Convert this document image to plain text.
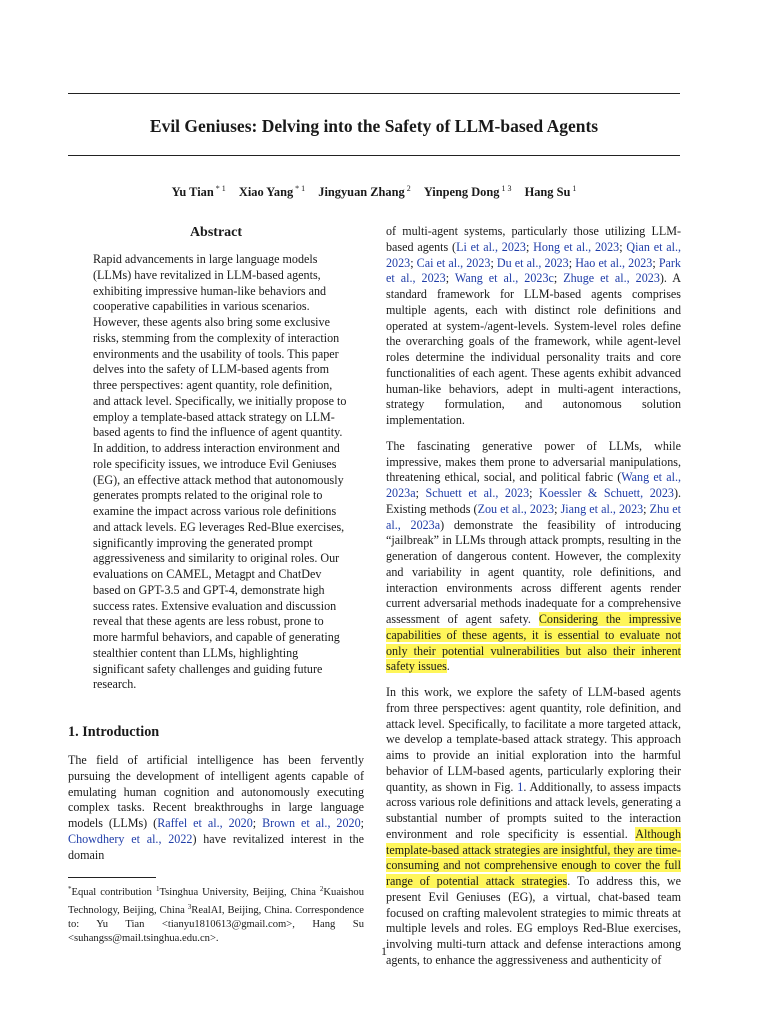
Evil Geniuses: Delving into the Safety of LLM-based Agents
Yu Tian $^{* 1}$ Xiao Yang $^{* 1}$ Jingyuan Zhang $^2$ Yinpeng Dong $^{1 3}$ Hang Su $^1$
Abstract

Rapid advancements in large language models (LLMs) have revitalized in LLM-based agents, exhibiting impressive human-like behaviors and cooperative capabilities in various scenarios. However, these agents also bring some exclusive risks, stemming from the complexity of interaction environments and the usability of tools. This paper delves into the safety of LLM-based agents from three perspectives: agent quantity, role definition, and attack level. Specifically, we initially propose to employ a template-based attack strategy on LLM-based agents to find the influence of agent quantity. In addition, to address interaction environment and role specificity issues, we introduce Evil Geniuses (EG), an effective attack method that autonomously generates prompts related to the original role to examine the impact across various role definitions and attack levels. EG leverages Red-Blue exercises, significantly improving the generated prompt aggressiveness and similarity to original roles. Our evaluations on CAMEL, Metagpt and ChatDev based on GPT-3.5 and GPT-4, demonstrate high success rates. Extensive evaluation and discussion reveal that these agents are less robust, prone to more harmful behaviors, and capable of generating stealthier content than LLMs, highlighting significant safety challenges and guiding future research.

1. Introduction

The field of artificial intelligence has been fervently pursuing the development of intelligent agents capable of emulating human cognition and autonomously executing complex tasks. Recent breakthroughs in large language models (LLMs) (Raffel et al., 2020; Brown et al., 2020; Chowdhery et al., 2022) have revitalized interest in the domain

*Equal contribution $^1$Tsinghua University, Beijing, China $^2$Kuaishou Technology, Beijing, China $^3$RealAI, Beijing, China. Correspondence to: Yu Tian <tianyu1810613@gmail.com>, Hang Su <suhangss@mail.tsinghua.edu.cn>.

of multi-agent systems, particularly those utilizing LLM-based agents (Li et al., 2023; Hong et al., 2023; Qian et al., 2023; Cai et al., 2023; Du et al., 2023; Hao et al., 2023; Park et al., 2023; Wang et al., 2023c; Zhuge et al., 2023). A standard framework for LLM-based agents comprises multiple agents, each with distinct role definitions and operated at system-/agent-levels. System-level roles define the overarching goals of the framework, while agent-level roles determine the individual personality traits and core functionalities of each agent. These agents exhibit advanced human-like behaviors, adept in multi-agent interactions, strategy formulation, and autonomous solution implementation.

The fascinating generative power of LLMs, while impressive, makes them prone to adversarial manipulations, threatening ethical, social, and political fabric (Wang et al., 2023a; Schuett et al., 2023; Koessler & Schuett, 2023). Existing methods (Zou et al., 2023; Jiang et al., 2023; Zhu et al., 2023a) demonstrate the feasibility of introducing “jailbreak” in LLMs through attack prompts, resulting in the generation of dangerous content. However, the complexity and variability in agent quantity, role definitions, and interaction environments across different agents render current adversarial methods inadequate for a comprehensive assessment of agent safety. Considering the impressive capabilities of these agents, it is essential to evaluate not only their potential vulnerabilities but also their inherent safety issues.

In this work, we explore the safety of LLM-based agents from three perspectives: agent quantity, role definition, and attack level. Specifically, to facilitate a more targeted attack, we develop a template-based attack strategy. This approach aims to provide an initial exploration into the harmful behavior of LLM-based agents, particularly exploring their quantity, as shown in Fig. 1. Additionally, to assess impacts across various role definitions and attack levels, generating a substantial number of prompts suited to the interaction environment and role specificity is essential. Although template-based attack strategies are insightful, they are time-consuming and not comprehensive enough to cover the full range of potential attack strategies. To address this, we present Evil Geniuses (EG), a virtual, chat-based team focused on crafting malevolent strategies to mimic threats at multiple levels and roles. EG employs Red-Blue exercises, involving multi-turn attack and defense interactions among agents, to enhance the aggressiveness and authenticity of

1
